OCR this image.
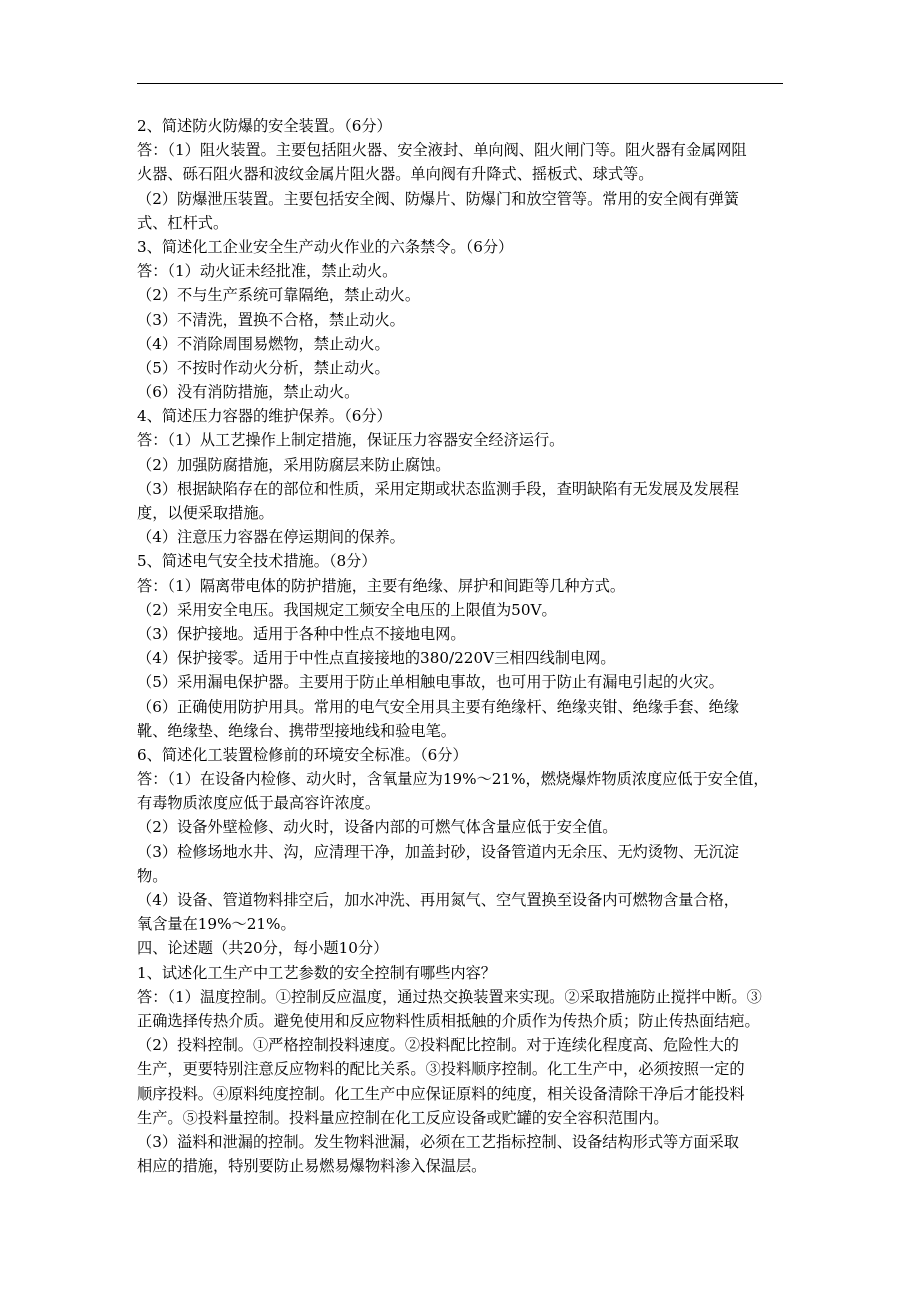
2、简述防火防爆的安全装置。（6分）
答：（1）阻火装置。主要包括阻火器、安全液封、单向阀、阻火闸门等。阻火器有金属网阻
火器、砾石阻火器和波纹金属片阻火器。单向阀有升降式、摇板式、球式等。
（2）防爆泄压装置。主要包括安全阀、防爆片、防爆门和放空管等。常用的安全阀有弹簧
式、杠杆式。
3、简述化工企业安全生产动火作业的六条禁令。（6分）
答：（1）动火证未经批准，禁止动火。
（2）不与生产系统可靠隔绝，禁止动火。
（3）不清洗，置换不合格，禁止动火。
（4）不消除周围易燃物，禁止动火。
（5）不按时作动火分析，禁止动火。
（6）没有消防措施，禁止动火。
4、简述压力容器的维护保养。（6分）
答：（1）从工艺操作上制定措施，保证压力容器安全经济运行。
（2）加强防腐措施，采用防腐层来防止腐蚀。
（3）根据缺陷存在的部位和性质，采用定期或状态监测手段，查明缺陷有无发展及发展程
度，以便采取措施。
（4）注意压力容器在停运期间的保养。
5、简述电气安全技术措施。（8分）
答：（1）隔离带电体的防护措施，主要有绝缘、屏护和间距等几种方式。
（2）采用安全电压。我国规定工频安全电压的上限值为50V。
（3）保护接地。适用于各种中性点不接地电网。
（4）保护接零。适用于中性点直接接地的380/220V三相四线制电网。
（5）采用漏电保护器。主要用于防止单相触电事故，也可用于防止有漏电引起的火灾。
（6）正确使用防护用具。常用的电气安全用具主要有绝缘杆、绝缘夹钳、绝缘手套、绝缘
靴、绝缘垫、绝缘台、携带型接地线和验电笔。
6、简述化工装置检修前的环境安全标准。（6分）
答：（1）在设备内检修、动火时，含氧量应为19%～21%，燃烧爆炸物质浓度应低于安全值，
有毒物质浓度应低于最高容许浓度。
（2）设备外壁检修、动火时，设备内部的可燃气体含量应低于安全值。
（3）检修场地水井、沟，应清理干净，加盖封砂，设备管道内无余压、无灼烫物、无沉淀
物。
（4）设备、管道物料排空后，加水冲洗、再用氮气、空气置换至设备内可燃物含量合格，
氧含量在19%～21%。
四、论述题（共20分，每小题10分）
1、试述化工生产中工艺参数的安全控制有哪些内容？
答：（1）温度控制。①控制反应温度，通过热交换装置来实现。②采取措施防止搅拌中断。③
正确选择传热介质。避免使用和反应物料性质相抵触的介质作为传热介质；防止传热面结疤。
（2）投料控制。①严格控制投料速度。②投料配比控制。对于连续化程度高、危险性大的
生产，更要特别注意反应物料的配比关系。③投料顺序控制。化工生产中，必须按照一定的
顺序投料。④原料纯度控制。化工生产中应保证原料的纯度，相关设备清除干净后才能投料
生产。⑤投料量控制。投料量应控制在化工反应设备或贮罐的安全容积范围内。
（3）溢料和泄漏的控制。发生物料泄漏，必须在工艺指标控制、设备结构形式等方面采取
相应的措施，特别要防止易燃易爆物料渗入保温层。
